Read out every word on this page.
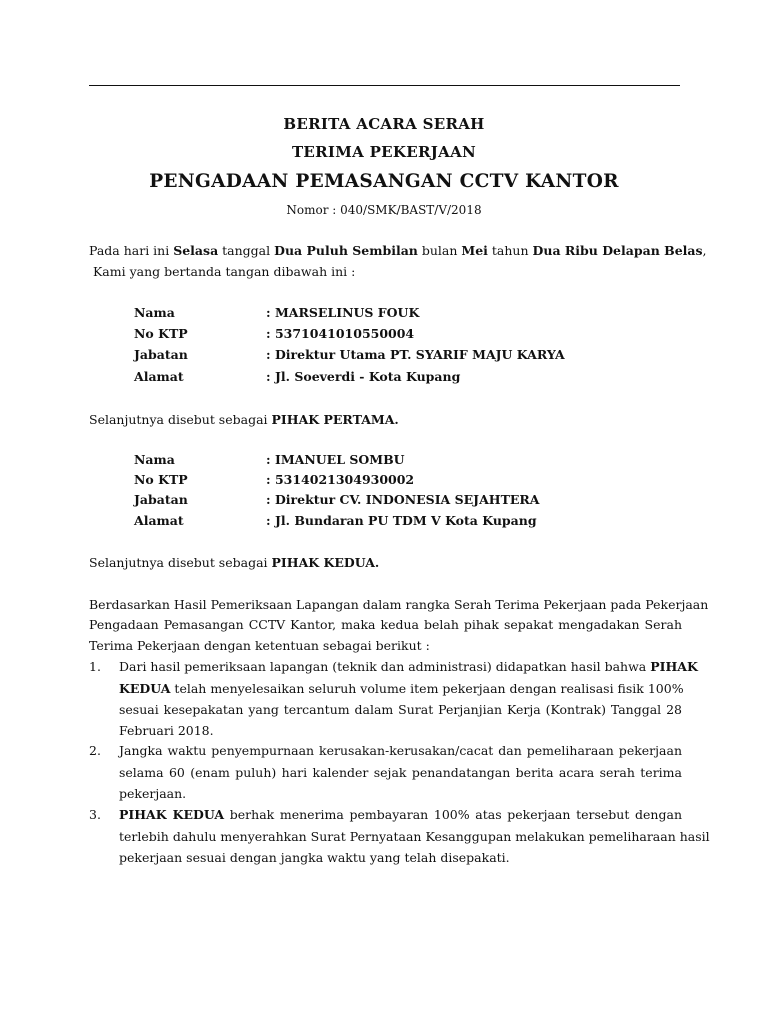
BERITA ACARA SERAH
TERIMA PEKERJAAN
PENGADAAN PEMASANGAN CCTV KANTOR
Nomor : 040/SMK/BAST/V/2018
Pada hari ini Selasa tanggal Dua Puluh Sembilan bulan Mei tahun Dua Ribu Delapan Belas,
Kami yang bertanda tangan dibawah ini :
Nama	: MARSELINUS FOUK
No KTP	: 5371041010550004
Jabatan	: Direktur Utama PT. SYARIF MAJU KARYA
Alamat	: Jl. Soeverdi - Kota Kupang
Selanjutnya disebut sebagai PIHAK PERTAMA.
Nama	: IMANUEL SOMBU
No KTP	: 5314021304930002
Jabatan	: Direktur CV. INDONESIA SEJAHTERA
Alamat	: Jl. Bundaran PU TDM V Kota Kupang
Selanjutnya disebut sebagai PIHAK KEDUA.
Berdasarkan Hasil Pemeriksaan Lapangan dalam rangka Serah Terima Pekerjaan pada Pekerjaan
Pengadaan Pemasangan CCTV Kantor, maka kedua belah pihak sepakat mengadakan Serah
Terima Pekerjaan dengan ketentuan sebagai berikut :
1. Dari hasil pemeriksaan lapangan (teknik dan administrasi) didapatkan hasil bahwa PIHAK
KEDUA telah menyelesaikan seluruh volume item pekerjaan dengan realisasi fisik 100%
sesuai kesepakatan yang tercantum dalam Surat Perjanjian Kerja (Kontrak) Tanggal 28
Februari 2018.
2. Jangka waktu penyempurnaan kerusakan-kerusakan/cacat dan pemeliharaan pekerjaan
selama 60 (enam puluh) hari kalender sejak penandatangan berita acara serah terima
pekerjaan.
3. PIHAK KEDUA berhak menerima pembayaran 100% atas pekerjaan tersebut dengan
terlebih dahulu menyerahkan Surat Pernyataan Kesanggupan melakukan pemeliharaan hasil
pekerjaan sesuai dengan jangka waktu yang telah disepakati.
